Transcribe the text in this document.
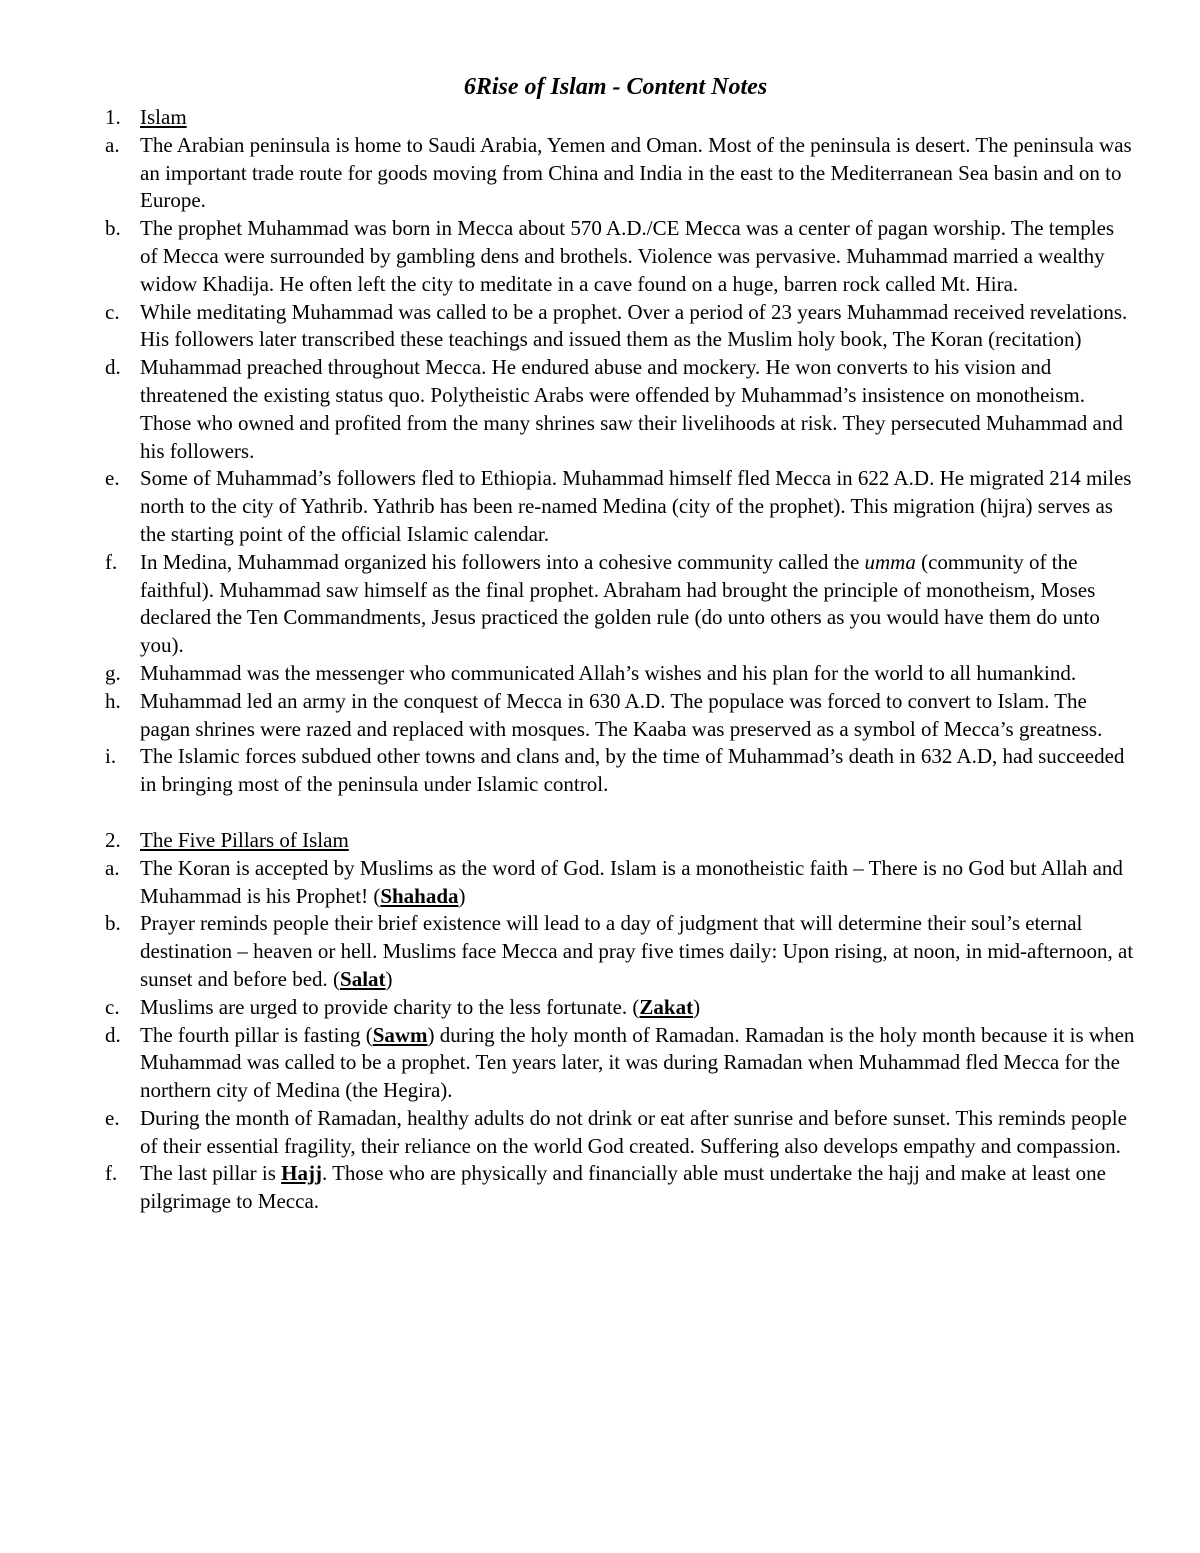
6Rise of Islam - Content Notes
1. Islam
a. The Arabian peninsula is home to Saudi Arabia, Yemen and Oman. Most of the peninsula is desert. The peninsula was an important trade route for goods moving from China and India in the east to the Mediterranean Sea basin and on to Europe.
b. The prophet Muhammad was born in Mecca about 570 A.D./CE Mecca was a center of pagan worship. The temples of Mecca were surrounded by gambling dens and brothels. Violence was pervasive. Muhammad married a wealthy widow Khadija. He often left the city to meditate in a cave found on a huge, barren rock called Mt. Hira.
c. While meditating Muhammad was called to be a prophet. Over a period of 23 years Muhammad received revelations. His followers later transcribed these teachings and issued them as the Muslim holy book, The Koran (recitation)
d. Muhammad preached throughout Mecca. He endured abuse and mockery. He won converts to his vision and threatened the existing status quo. Polytheistic Arabs were offended by Muhammad’s insistence on monotheism. Those who owned and profited from the many shrines saw their livelihoods at risk. They persecuted Muhammad and his followers.
e. Some of Muhammad’s followers fled to Ethiopia. Muhammad himself fled Mecca in 622 A.D. He migrated 214 miles north to the city of Yathrib. Yathrib has been re-named Medina (city of the prophet). This migration (hijra) serves as the starting point of the official Islamic calendar.
f.	In Medina, Muhammad organized his followers into a cohesive community called the umma (community of the faithful). Muhammad saw himself as the final prophet. Abraham had brought the principle of monotheism, Moses declared the Ten Commandments, Jesus practiced the golden rule (do unto others as you would have them do unto you).
g. Muhammad was the messenger who communicated Allah’s wishes and his plan for the world to all humankind.
h. Muhammad led an army in the conquest of Mecca in 630 A.D. The populace was forced to convert to Islam. The pagan shrines were razed and replaced with mosques. The Kaaba was preserved as a symbol of Mecca’s greatness.
i.	The Islamic forces subdued other towns and clans and, by the time of Muhammad’s death in 632 A.D, had succeeded in bringing most of the peninsula under Islamic control.
2. The Five Pillars of Islam
a. The Koran is accepted by Muslims as the word of God. Islam is a monotheistic faith – There is no God but Allah and Muhammad is his Prophet! (Shahada)
b. Prayer reminds people their brief existence will lead to a day of judgment that will determine their soul’s eternal destination – heaven or hell. Muslims face Mecca and pray five times daily: Upon rising, at noon, in mid-afternoon, at sunset and before bed. (Salat)
c. Muslims are urged to provide charity to the less fortunate. (Zakat)
d. The fourth pillar is fasting (Sawm) during the holy month of Ramadan. Ramadan is the holy month because it is when Muhammad was called to be a prophet. Ten years later, it was during Ramadan when Muhammad fled Mecca for the northern city of Medina (the Hegira).
e. During the month of Ramadan, healthy adults do not drink or eat after sunrise and before sunset. This reminds people of their essential fragility, their reliance on the world God created. Suffering also develops empathy and compassion.
f.	The last pillar is Hajj. Those who are physically and financially able must undertake the hajj and make at least one pilgrimage to Mecca.
